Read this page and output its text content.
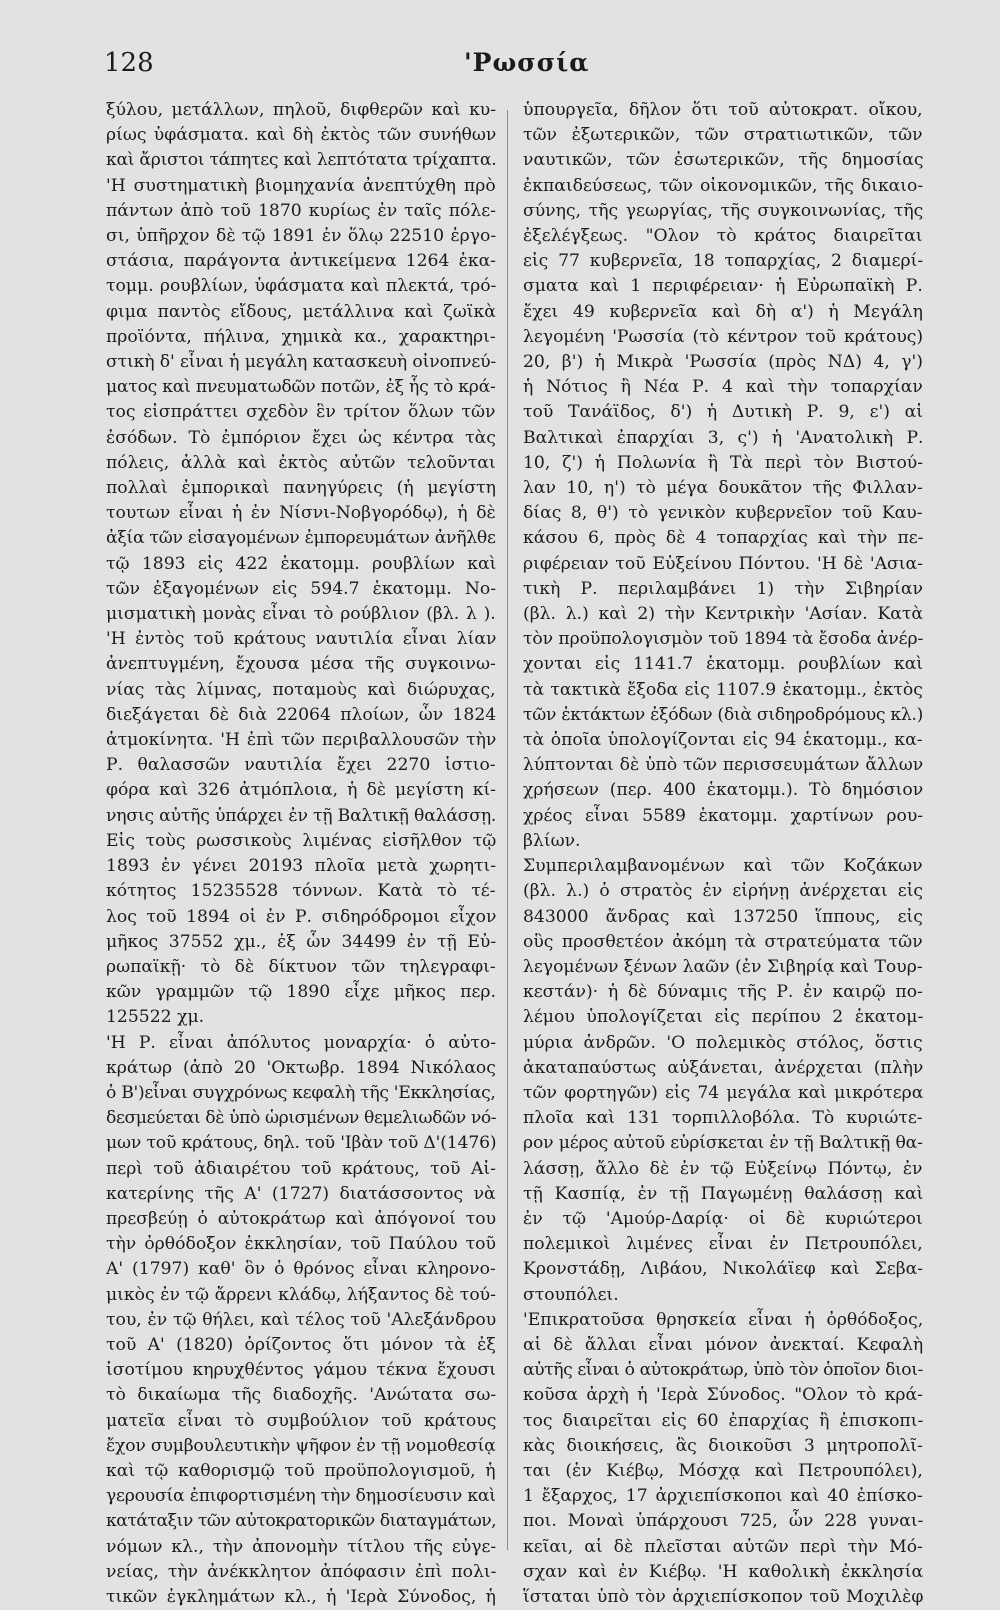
128	'Ρωσσία
ξύλου, μετάλλων, πηλοῦ, διφθερῶν καὶ κυ-
ρίως ὑφάσματα. καὶ δὴ ἐκτὸς τῶν συνήθων
καὶ ἄριστοι τάπητες καὶ λεπτότατα τρίχαπτα.
'Η συστηματικὴ βιομηχανία ἀνεπτύχθη πρὸ
πάντων ἀπὸ τοῦ 1870 κυρίως ἐν ταῖς πόλε-
σι, ὑπῆρχον δὲ τῷ 1891 ἐν ὅλῳ 22510 ἐργο-
στάσια, παράγοντα ἀντικείμενα 1264 ἑκα-
τομμ. ρουβλίων, ὑφάσματα καὶ πλεκτά, τρό-
φιμα παντὸς εἴδους, μετάλλινα καὶ ζωϊκὰ
προϊόντα, πήλινα, χημικὰ κα., χαρακτηρι-
στικὴ δ' εἶναι ἡ μεγάλη κατασκευὴ οἰνοπνεύ-
ματος καὶ πνευματωδῶν ποτῶν, ἐξ ἧς τὸ κρά-
τος εἰσπράττει σχεδὸν ἓν τρίτον ὅλων τῶν
ἐσόδων. Τὸ ἐμπόριον ἔχει ὡς κέντρα τὰς
πόλεις, ἀλλὰ καὶ ἐκτὸς αὐτῶν τελοῦνται
πολλαὶ ἐμπορικαὶ πανηγύρεις (ἡ μεγίστη
τουτων εἶναι ἡ ἐν Νίσνι-Νοβγορόδῳ), ἡ δὲ
ἀξία τῶν εἰσαγομένων ἐμπορευμάτων ἀνῆλθε
τῷ 1893 εἰς 422 ἑκατομμ. ρουβλίων καὶ
τῶν ἐξαγομένων εἰς 594.7 ἑκατομμ. Νο-
μισματικὴ μονὰς εἶναι τὸ ρούβλιον (βλ. λ ).
'Η ἐντὸς τοῦ κράτους ναυτιλία εἶναι λίαν
ἀνεπτυγμένη, ἔχουσα μέσα τῆς συγκοινω-
νίας τὰς λίμνας, ποταμοὺς καὶ διώρυχας,
διεξάγεται δὲ διὰ 22064 πλοίων, ὧν 1824
ἀτμοκίνητα. 'Η ἐπὶ τῶν περιβαλλουσῶν τὴν
Ρ. θαλασσῶν ναυτιλία ἔχει 2270 ἱστιο-
φόρα καὶ 326 ἀτμόπλοια, ἡ δὲ μεγίστη κί-
νησις αὐτῆς ὑπάρχει ἐν τῇ Βαλτικῇ θαλάσσῃ.
Εἰς τοὺς ρωσσικοὺς λιμένας εἰσῆλθον τῷ
1893 ἐν γένει 20193 πλοῖα μετὰ χωρητι-
κότητος 15235528 τόννων. Κατὰ τὸ τέ-
λος τοῦ 1894 οἱ ἐν Ρ. σιδηρόδρομοι εἶχον
μῆκος 37552 χμ., ἐξ ὧν 34499 ἐν τῇ Εὐ-
ρωπαϊκῇ· τὸ δὲ δίκτυον τῶν τηλεγραφι-
κῶν γραμμῶν τῷ 1890 εἶχε μῆκος περ.
125522 χμ.
'Η Ρ. εἶναι ἀπόλυτος μοναρχία· ὁ αὐτο-
κράτωρ (ἀπὸ 20 'Οκτωβρ. 1894 Νικόλαος
ὁ Β')εἶναι συγχρόνως κεφαλὴ τῆς 'Εκκλησίας,
δεσμεύεται δὲ ὑπὸ ὡρισμένων θεμελιωδῶν νό-
μων τοῦ κράτους, δηλ. τοῦ 'Ιβὰν τοῦ Δ'(1476)
περὶ τοῦ ἀδιαιρέτου τοῦ κράτους, τοῦ Αἰ-
κατερίνης τῆς Α' (1727) διατάσσοντος νὰ
πρεσβεύῃ ὁ αὐτοκράτωρ καὶ ἀπόγονοί του
τὴν ὀρθόδοξον ἐκκλησίαν, τοῦ Παύλου τοῦ
Α' (1797) καθ' ὃν ὁ θρόνος εἶναι κληρονο-
μικὸς ἐν τῷ ἄρρενι κλάδῳ, λήξαντος δὲ τού-
του, ἐν τῷ θήλει, καὶ τέλος τοῦ 'Αλεξάνδρου
τοῦ Α' (1820) ὁρίζοντος ὅτι μόνον τὰ ἐξ
ἰσοτίμου κηρυχθέντος γάμου τέκνα ἔχουσι
τὸ δικαίωμα τῆς διαδοχῆς. 'Ανώτατα σω-
ματεῖα εἶναι τὸ συμβούλιον τοῦ κράτους
ἔχον συμβουλευτικὴν ψῆφον ἐν τῇ νομοθεσίᾳ
καὶ τῷ καθορισμῷ τοῦ προϋπολογισμοῦ, ἡ
γερουσία ἐπιφορτισμένη τὴν δημοσίευσιν καὶ
κατάταξιν τῶν αὐτοκρατορικῶν διαταγμάτων,
νόμων κλ., τὴν ἀπονομὴν τίτλου τῆς εὐγε-
νείας, τὴν ἀνέκκλητον ἀπόφασιν ἐπὶ πολι-
τικῶν ἐγκλημάτων κλ., ἡ 'Ιερὰ Σύνοδος, ἡ
ὑπουργεῖα, δῆλον ὅτι τοῦ αὐτοκρατ. οἴκου,
τῶν ἐξωτερικῶν, τῶν στρατιωτικῶν, τῶν
ναυτικῶν, τῶν ἐσωτερικῶν, τῆς δημοσίας
ἐκπαιδεύσεως, τῶν οἰκονομικῶν, τῆς δικαιο-
σύνης, τῆς γεωργίας, τῆς συγκοινωνίας, τῆς
ἐξελέγξεως. "Ολον τὸ κράτος διαιρεῖται
εἰς 77 κυβερνεῖα, 18 τοπαρχίας, 2 διαμερί-
σματα καὶ 1 περιφέρειαν· ἡ Εὐρωπαϊκὴ Ρ.
ἔχει 49 κυβερνεῖα καὶ δὴ α') ἡ Μεγάλη
λεγομένη 'Ρωσσία (τὸ κέντρον τοῦ κράτους)
20, β') ἡ Μικρὰ 'Ρωσσία (πρὸς ΝΔ) 4, γ')
ἡ Νότιος ἢ Νέα Ρ. 4 καὶ τὴν τοπαρχίαν
τοῦ Τανάϊδος, δ') ἡ Δυτικὴ Ρ. 9, ε') αἱ
Βαλτικαὶ ἐπαρχίαι 3, ς') ἡ 'Ανατολικὴ Ρ.
10, ζ') ἡ Πολωνία ἢ Τὰ περὶ τὸν Βιστού-
λαν 10, η') τὸ μέγα δουκᾶτον τῆς Φιλλαν-
δίας 8, θ') τὸ γενικὸν κυβερνεῖον τοῦ Καυ-
κάσου 6, πρὸς δὲ 4 τοπαρχίας καὶ τὴν πε-
ριφέρειαν τοῦ Εὐξείνου Πόντου. 'Η δὲ 'Ασια-
τικὴ Ρ. περιλαμβάνει 1) τὴν Σιβηρίαν
(βλ. λ.) καὶ 2) τὴν Κεντρικὴν 'Ασίαν. Κατὰ
τὸν προϋπολογισμὸν τοῦ 1894 τὰ ἔσοδα ἀνέρ-
χονται εἰς 1141.7 ἑκατομμ. ρουβλίων καὶ
τὰ τακτικὰ ἔξοδα εἰς 1107.9 ἑκατομμ., ἐκτὸς
τῶν ἐκτάκτων ἐξόδων (διὰ σιδηροδρόμους κλ.)
τὰ ὁποῖα ὑπολογίζονται εἰς 94 ἑκατομμ., κα-
λύπτονται δὲ ὑπὸ τῶν περισσευμάτων ἄλλων
χρήσεων (περ. 400 ἑκατομμ.). Τὸ δημόσιον
χρέος εἶναι 5589 ἑκατομμ. χαρτίνων ρου-
βλίων.
Συμπεριλαμβανομένων καὶ τῶν Κοζάκων
(βλ. λ.) ὁ στρατὸς ἐν εἰρήνῃ ἀνέρχεται εἰς
843000 ἄνδρας καὶ 137250 ἵππους, εἰς
οὓς προσθετέον ἀκόμη τὰ στρατεύματα τῶν
λεγομένων ξένων λαῶν (ἐν Σιβηρίᾳ καὶ Τουρ-
κεστάν)· ἡ δὲ δύναμις τῆς Ρ. ἐν καιρῷ πο-
λέμου ὑπολογίζεται εἰς περίπου 2 ἑκατομ-
μύρια ἀνδρῶν. 'Ο πολεμικὸς στόλος, ὅστις
ἀκαταπαύστως αὐξάνεται, ἀνέρχεται (πλὴν
τῶν φορτηγῶν) εἰς 74 μεγάλα καὶ μικρότερα
πλοῖα καὶ 131 τορπιλλοβόλα. Τὸ κυριώτε-
ρον μέρος αὐτοῦ εὑρίσκεται ἐν τῇ Βαλτικῇ θα-
λάσσῃ, ἄλλο δὲ ἐν τῷ Εὐξείνῳ Πόντῳ, ἐν
τῇ Κασπίᾳ, ἐν τῇ Παγωμένῃ θαλάσσῃ καὶ
ἐν τῷ 'Αμούρ-Δαρίᾳ· οἱ δὲ κυριώτεροι
πολεμικοὶ λιμένες εἶναι ἐν Πετρουπόλει,
Κρονστάδῃ, Λιβάου, Νικολάϊεφ καὶ Σεβα-
στουπόλει.
'Επικρατοῦσα θρησκεία εἶναι ἡ ὀρθόδοξος,
αἱ δὲ ἄλλαι εἶναι μόνον ἀνεκταί. Κεφαλὴ
αὐτῆς εἶναι ὁ αὐτοκράτωρ, ὑπὸ τὸν ὁποῖον διοι-
κοῦσα ἀρχὴ ἡ 'Ιερὰ Σύνοδος. "Ολον τὸ κρά-
τος διαιρεῖται εἰς 60 ἐπαρχίας ἢ ἐπισκοπι-
κὰς διοικήσεις, ἃς διοικοῦσι 3 μητροπολῖ-
ται (ἐν Κιέβῳ, Μόσχᾳ καὶ Πετρουπόλει),
1 ἔξαρχος, 17 ἀρχιεπίσκοποι καὶ 40 ἐπίσκο-
ποι. Μοναὶ ὑπάρχουσι 725, ὧν 228 γυναι-
κεῖαι, αἱ δὲ πλεῖσται αὐτῶν περὶ τὴν Μό-
σχαν καὶ ἐν Κιέβῳ. 'Η καθολικὴ ἐκκλησία
ἵσταται ὑπὸ τὸν ἀρχιεπίσκοπον τοῦ Μοχιλὲφ
